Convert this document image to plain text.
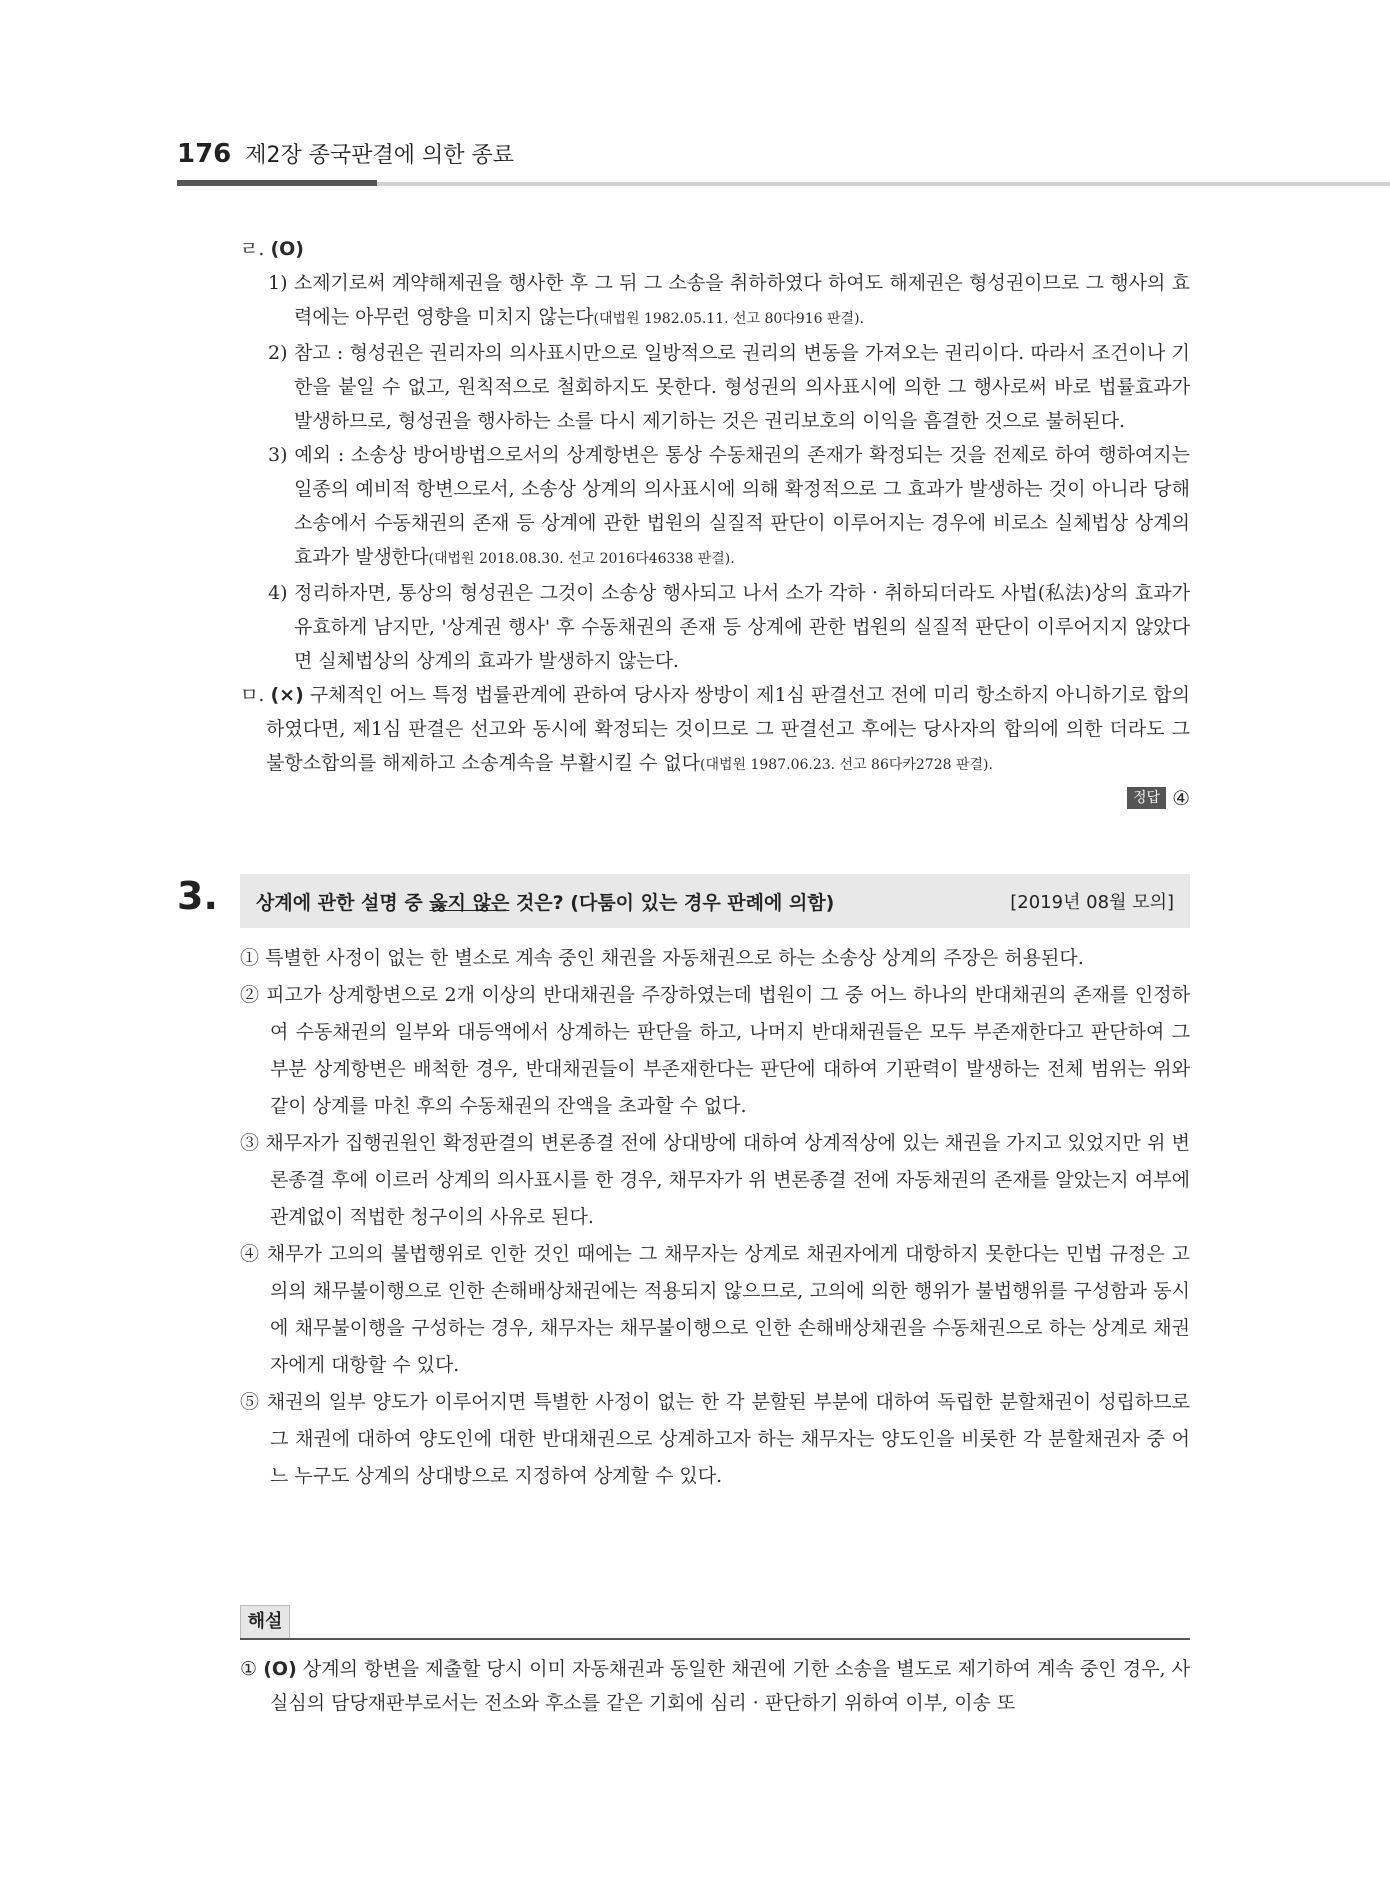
176 제2장 종국판결에 의한 종료

ㄹ. (O)

1) 소제기로써 계약해제권을 행사한 후 그 뒤 그 소송을 취하하였다 하여도 해제권은 형성권이므로 그 행사의 효력에는 아무런 영향을 미치지 않는다(대법원 1982.05.11. 선고 80다916 판결).

2) 참고 : 형성권은 권리자의 의사표시만으로 일방적으로 권리의 변동을 가져오는 권리이다. 따라서 조건이나 기한을 붙일 수 없고, 원칙적으로 철회하지도 못한다. 형성권의 의사표시에 의한 그 행사로써 바로 법률효과가 발생하므로, 형성권을 행사하는 소를 다시 제기하는 것은 권리보호의 이익을 흠결한 것으로 불허된다.

3) 예외 : 소송상 방어방법으로서의 상계항변은 통상 수동채권의 존재가 확정되는 것을 전제로 하여 행하여지는 일종의 예비적 항변으로서, 소송상 상계의 의사표시에 의해 확정적으로 그 효과가 발생하는 것이 아니라 당해 소송에서 수동채권의 존재 등 상계에 관한 법원의 실질적 판단이 이루어지는 경우에 비로소 실체법상 상계의 효과가 발생한다(대법원 2018.08.30. 선고 2016다46338 판결).

4) 정리하자면, 통상의 형성권은 그것이 소송상 행사되고 나서 소가 각하 · 취하되더라도 사법(私法)상의 효과가 유효하게 남지만, '상계권 행사' 후 수동채권의 존재 등 상계에 관한 법원의 실질적 판단이 이루어지지 않았다면 실체법상의 상계의 효과가 발생하지 않는다.

ㅁ. (×) 구체적인 어느 특정 법률관계에 관하여 당사자 쌍방이 제1심 판결선고 전에 미리 항소하지 아니하기로 합의하였다면, 제1심 판결은 선고와 동시에 확정되는 것이므로 그 판결선고 후에는 당사자의 합의에 의한 더라도 그 불항소합의를 해제하고 소송계속을 부활시킬 수 없다(대법원 1987.06.23. 선고 86다카2728 판결).

정답 ④
3. 상계에 관한 설명 중 옳지 않은 것은? (다툼이 있는 경우 판례에 의함)	[2019년 08월 모의]

① 특별한 사정이 없는 한 별소로 계속 중인 채권을 자동채권으로 하는 소송상 상계의 주장은 허용된다.

② 피고가 상계항변으로 2개 이상의 반대채권을 주장하였는데 법원이 그 중 어느 하나의 반대채권의 존재를 인정하여 수동채권의 일부와 대등액에서 상계하는 판단을 하고, 나머지 반대채권들은 모두 부존재한다고 판단하여 그 부분 상계항변은 배척한 경우, 반대채권들이 부존재한다는 판단에 대하여 기판력이 발생하는 전체 범위는 위와 같이 상계를 마친 후의 수동채권의 잔액을 초과할 수 없다.

③ 채무자가 집행권원인 확정판결의 변론종결 전에 상대방에 대하여 상계적상에 있는 채권을 가지고 있었지만 위 변론종결 후에 이르러 상계의 의사표시를 한 경우, 채무자가 위 변론종결 전에 자동채권의 존재를 알았는지 여부에 관계없이 적법한 청구이의 사유로 된다.

④ 채무가 고의의 불법행위로 인한 것인 때에는 그 채무자는 상계로 채권자에게 대항하지 못한다는 민법 규정은 고의의 채무불이행으로 인한 손해배상채권에는 적용되지 않으므로, 고의에 의한 행위가 불법행위를 구성함과 동시에 채무불이행을 구성하는 경우, 채무자는 채무불이행으로 인한 손해배상채권을 수동채권으로 하는 상계로 채권자에게 대항할 수 있다.

⑤ 채권의 일부 양도가 이루어지면 특별한 사정이 없는 한 각 분할된 부분에 대하여 독립한 분할채권이 성립하므로 그 채권에 대하여 양도인에 대한 반대채권으로 상계하고자 하는 채무자는 양도인을 비롯한 각 분할채권자 중 어느 누구도 상계의 상대방으로 지정하여 상계할 수 있다.

해설

① (O) 상계의 항변을 제출할 당시 이미 자동채권과 동일한 채권에 기한 소송을 별도로 제기하여 계속 중인 경우, 사실심의 담당재판부로서는 전소와 후소를 같은 기회에 심리 · 판단하기 위하여 이부, 이송 또
